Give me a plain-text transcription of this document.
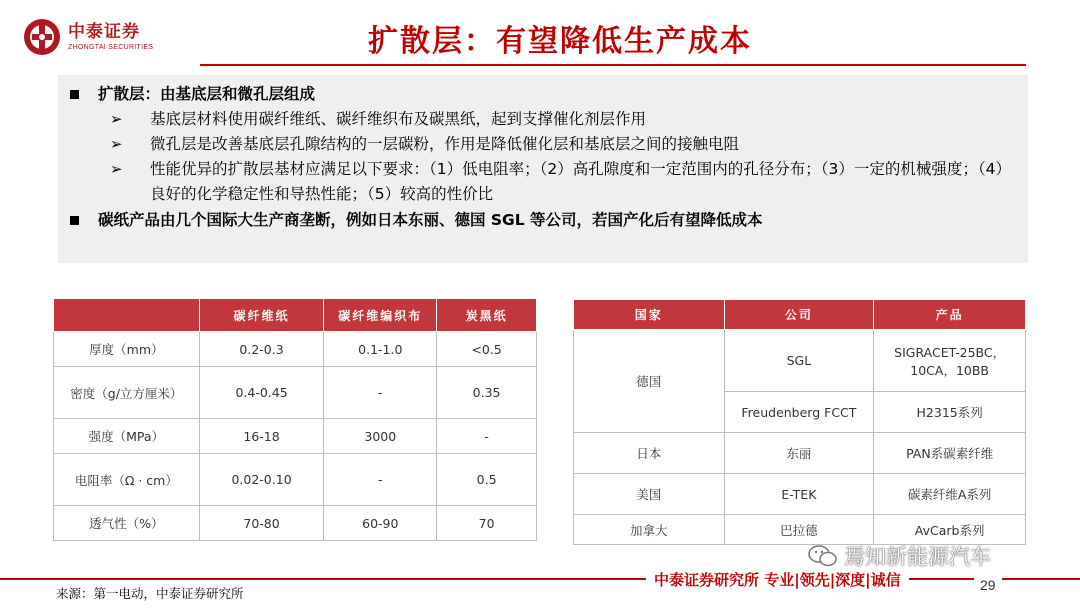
中泰证券
ZHONGTAI SECURITIES	扩散层：有望降低生产成本
扩散层：由基底层和微孔层组成
➢ 基底层材料使用碳纤维纸、碳纤维织布及碳黑纸，起到支撑催化剂层作用
➢ 微孔层是改善基底层孔隙结构的一层碳粉，作用是降低催化层和基底层之间的接触电阻
➢ 性能优异的扩散层基材应满足以下要求：（1）低电阻率；（2）高孔隙度和一定范围内的孔径分布；（3）一定的机械强度；（4）良好的化学稳定性和导热性能；（5）较高的性价比
碳纸产品由几个国际大生产商垄断，例如日本东丽、德国 SGL 等公司，若国产化后有望降低成本
	碳纤维纸	碳纤维编织布	炭黑纸
厚度（mm）	0.2-0.3	0.1-1.0	<0.5
密度（g/立方厘米）	0.4-0.45	-	0.35
强度（MPa）	16-18	3000	-
电阻率（Ω · cm）	0.02-0.10	-	0.5
透气性（%）	70-80	60-90	70
国家	公司	产品
德国	SGL	SIGRACET-25BC，10CA，10BB
	Freudenberg FCCT	H2315系列
日本	东丽	PAN系碳素纤维
美国	E-TEK	碳素纤维A系列
加拿大	巴拉德	AvCarb系列
焉知新能源汽车
中泰证券研究所 专业|领先|深度|诚信	29
来源：第一电动，中泰证券研究所
